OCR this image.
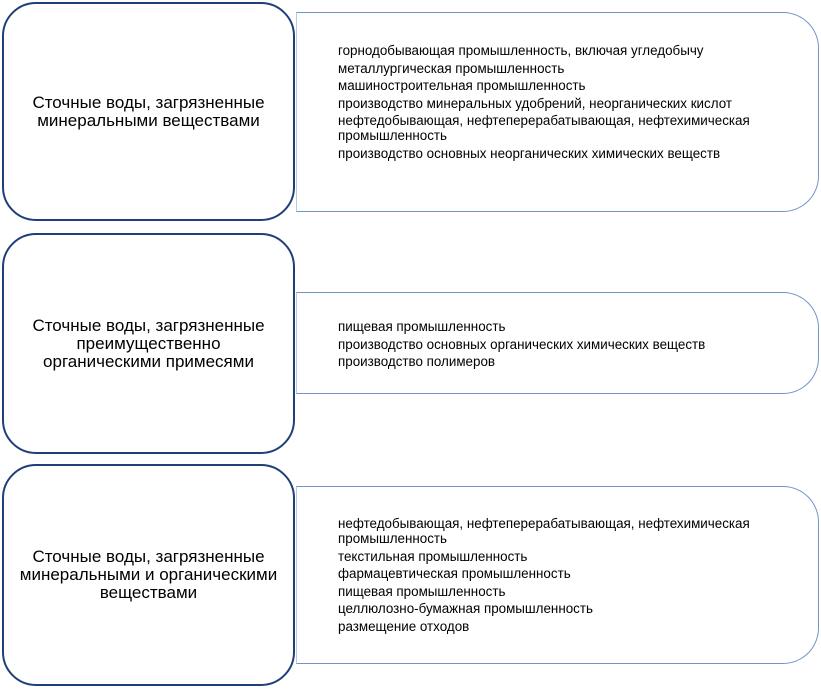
Сточные воды, загрязненные минеральными веществами
горнодобывающая промышленность, включая угледобычу
металлургическая промышленность
машиностроительная промышленность
производство минеральных удобрений, неорганических кислот
нефтедобывающая, нефтеперерабатывающая, нефтехимическая промышленность
производство основных неорганических химических веществ
Сточные воды, загрязненные преимущественно органическими примесями
пищевая промышленность
производство основных органических химических веществ
производство полимеров
Сточные воды, загрязненные минеральными и органическими веществами
нефтедобывающая, нефтеперерабатывающая, нефтехимическая промышленность
текстильная промышленность
фармацевтическая промышленность
пищевая промышленность
целлюлозно-бумажная промышленность
размещение отходов
